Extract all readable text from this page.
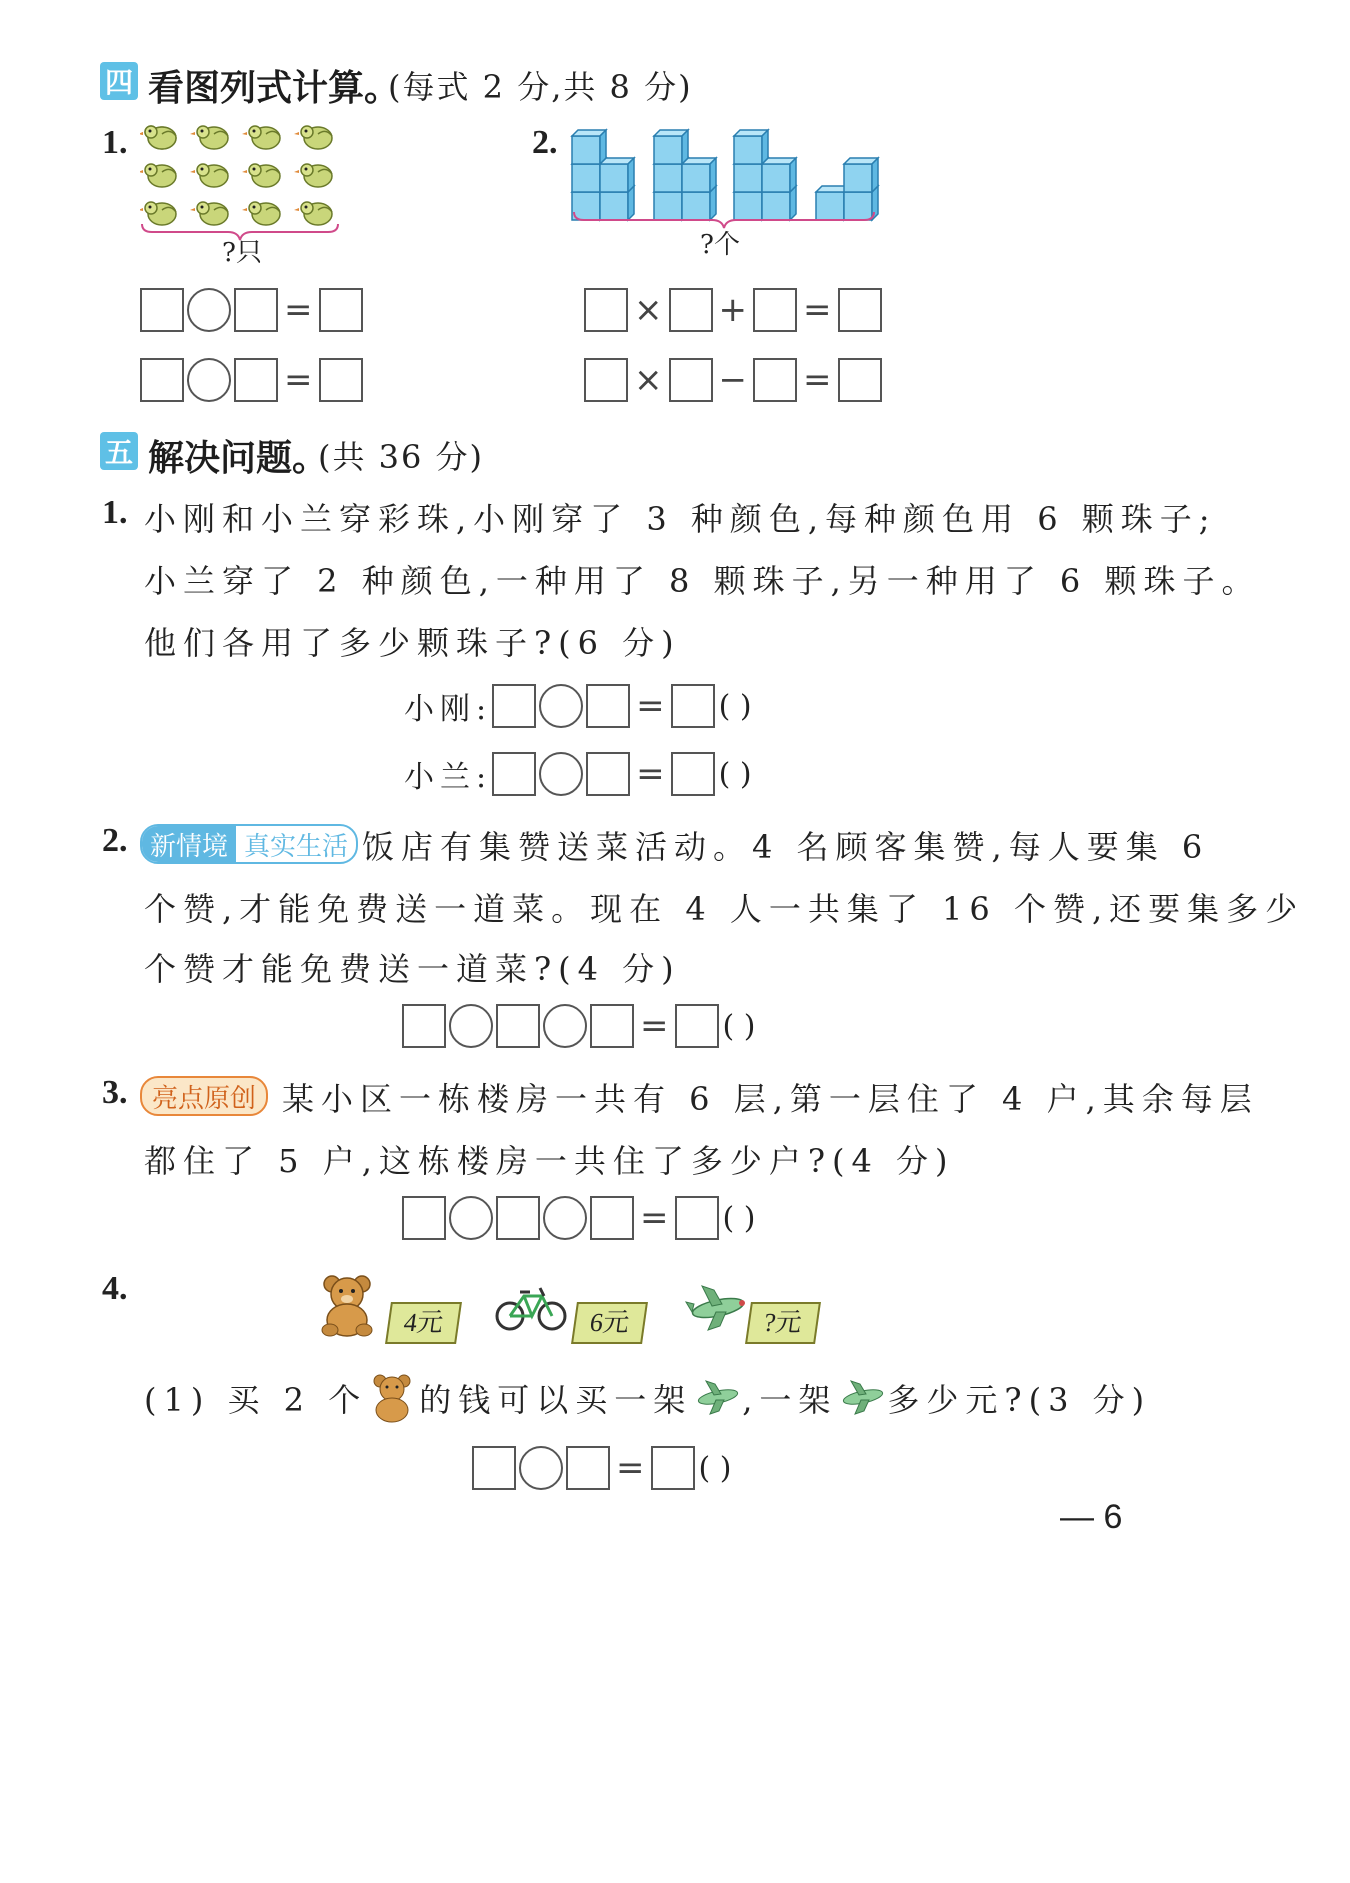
四 看图列式计算。
(每式 2 分,共 8 分)
1.
?只
=
=
2.
?个
× + =
× − =
五 解决问题。
(共 36 分)
1. 小刚和小兰穿彩珠,小刚穿了 3 种颜色,每种颜色用 6 颗珠子;
小兰穿了 2 种颜色,一种用了 8 颗珠子,另一种用了 6 颗珠子。
他们各用了多少颗珠子?(6 分)
小刚:	= ( )
小兰:	= ( )
2. 新情境 真实生活 饭店有集赞送菜活动。4 名顾客集赞,每人要集 6
个赞,才能免费送一道菜。现在 4 人一共集了 16 个赞,还要集多少
个赞才能免费送一道菜?(4 分)
= ( )
3. 亮点原创 某小区一栋楼房一共有 6 层,第一层住了 4 户,其余每层
都住了 5 户,这栋楼房一共住了多少户?(4 分)
= ( )
4.
4元	6元	?元
(1) 买 2 个 的钱可以买一架 ,一架 多少元?(3 分)
= ( )
— 6
